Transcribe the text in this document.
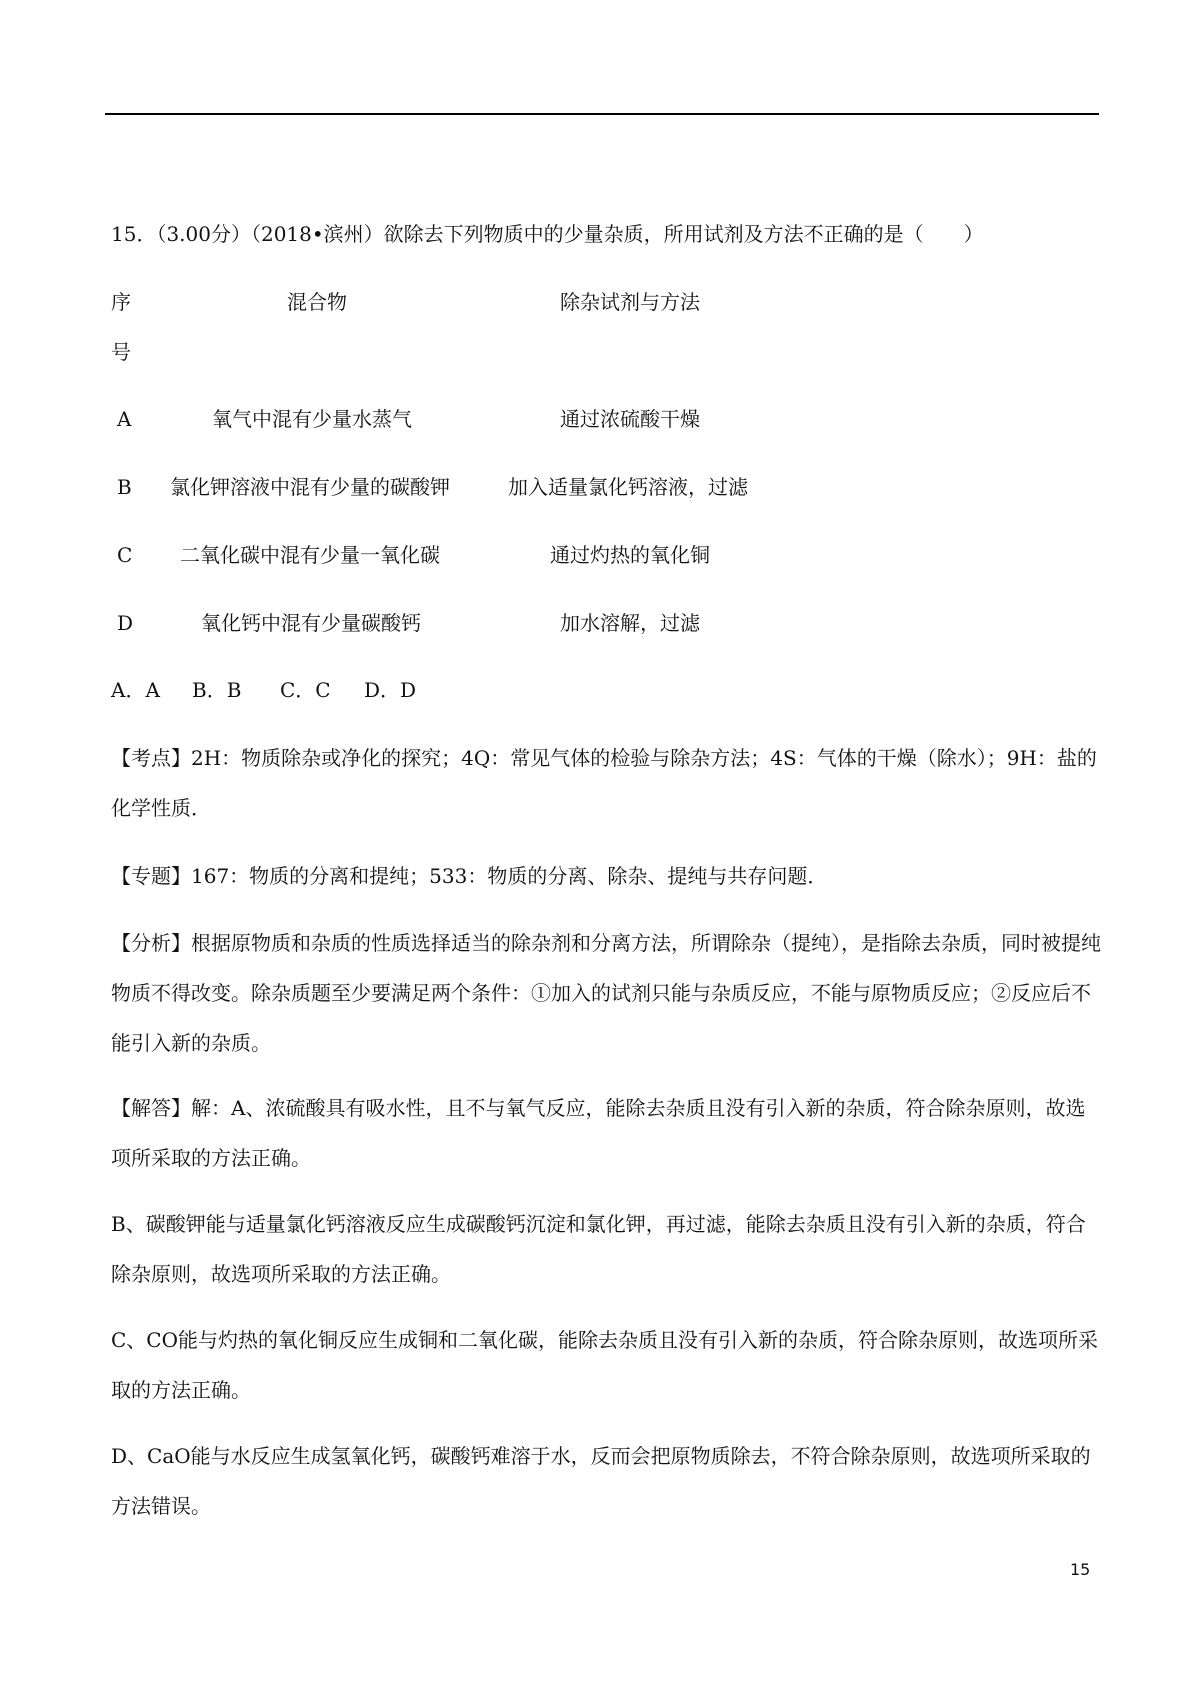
15．（3.00分）（2018•滨州）欲除去下列物质中的少量杂质，所用试剂及方法不正确的是（　　）
序
号
混合物	除杂试剂与方法
A	氧气中混有少量水蒸气	通过浓硫酸干燥
B 氯化钾溶液中混有少量的碳酸钾	加入适量氯化钙溶液，过滤
C 二氧化碳中混有少量一氧化碳	通过灼热的氧化铜
D	氧化钙中混有少量碳酸钙	加水溶解，过滤
A．A B．B C．C D．D
【考点】2H：物质除杂或净化的探究；4Q：常见气体的检验与除杂方法；4S：气体的干燥（除水）；9H：盐的化学性质．
【专题】167：物质的分离和提纯；533：物质的分离、除杂、提纯与共存问题．
【分析】根据原物质和杂质的性质选择适当的除杂剂和分离方法，所谓除杂（提纯），是指除去杂质，同时被提纯物质不得改变。除杂质题至少要满足两个条件：①加入的试剂只能与杂质反应，不能与原物质反应；②反应后不能引入新的杂质。
【解答】解：A、浓硫酸具有吸水性，且不与氧气反应，能除去杂质且没有引入新的杂质，符合除杂原则，故选项所采取的方法正确。
B、碳酸钾能与适量氯化钙溶液反应生成碳酸钙沉淀和氯化钾，再过滤，能除去杂质且没有引入新的杂质，符合除杂原则，故选项所采取的方法正确。
C、CO能与灼热的氧化铜反应生成铜和二氧化碳，能除去杂质且没有引入新的杂质，符合除杂原则，故选项所采取的方法正确。
D、CaO能与水反应生成氢氧化钙，碳酸钙难溶于水，反而会把原物质除去，不符合除杂原则，故选项所采取的方法错误。
15
